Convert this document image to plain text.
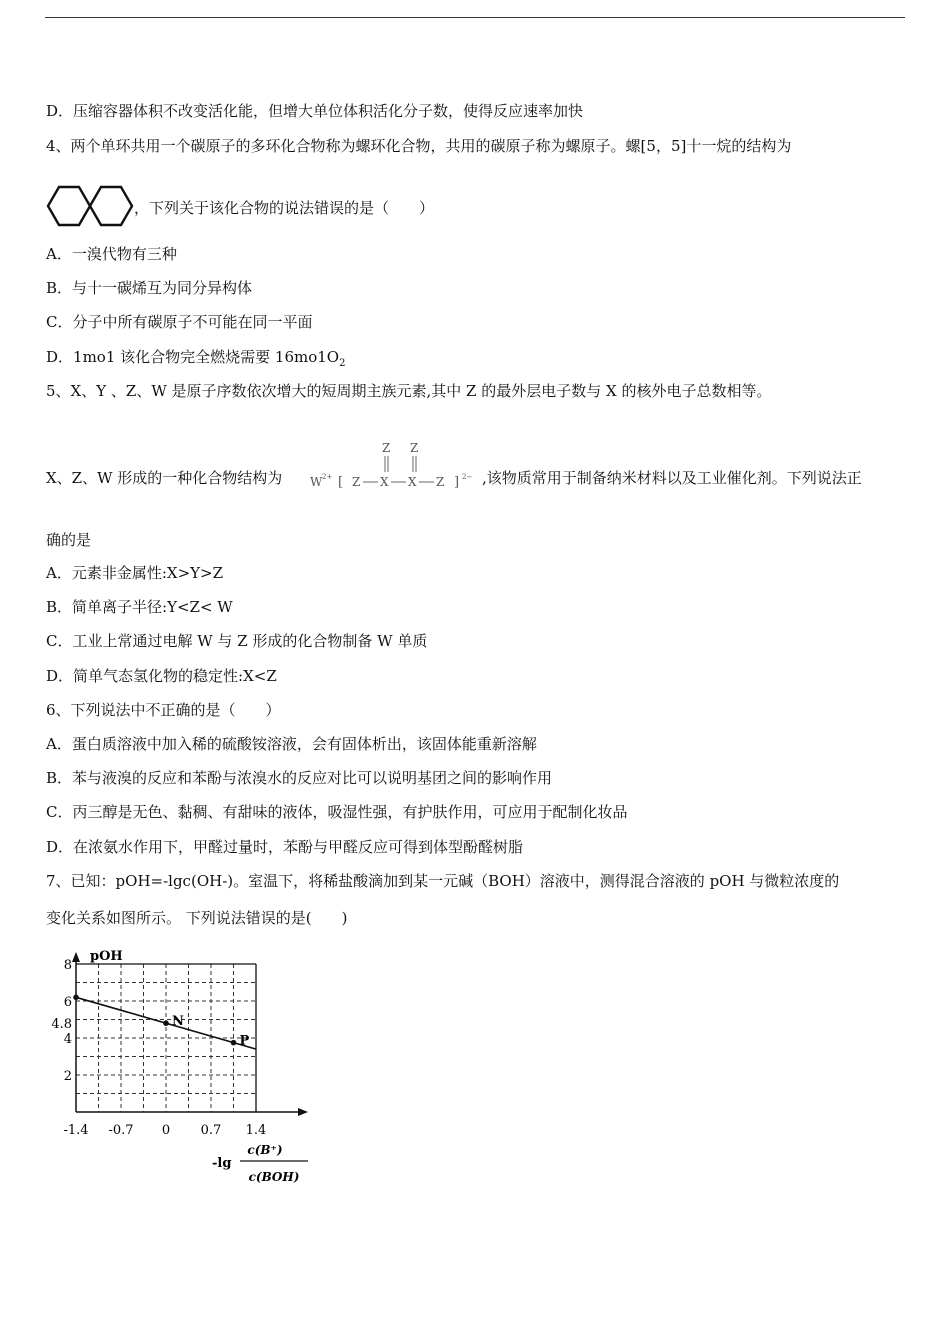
D．压缩容器体积不改变活化能，但增大单位体积活化分子数，使得反应速率加快
4、两个单环共用一个碳原子的多环化合物称为螺环化合物，共用的碳原子称为螺原子。螺[5，5]十一烷的结构为
，下列关于该化合物的说法错误的是（　　）
A．一溴代物有三种
B．与十一碳烯互为同分异构体
C．分子中所有碳原子不可能在同一平面
D．1mo1 该化合物完全燃烧需要 $16mo1O_2$
5、X、Y 、Z、W 是原子序数依次增大的短周期主族元素,其中 Z 的最外层电子数与 X 的核外电子总数相等。
X、Z、W 形成的一种化合物结构为 W 2+ [ Z X X Z
Z Z
] 2− ,该物质常用于制备纳米材料以及工业催化剂。下列说法正
确的是
A．元素非金属性:X>Y>Z
B．简单离子半径:Y<Z< W
C．工业上常通过电解 W 与 Z 形成的化合物制备 W 单质
D．简单气态氢化物的稳定性:X<Z
6、下列说法中不正确的是（　　）
A．蛋白质溶液中加入稀的硫酸铵溶液，会有固体析出，该固体能重新溶解
B．苯与液溴的反应和苯酚与浓溴水的反应对比可以说明基团之间的影响作用
C．丙三醇是无色、黏稠、有甜味的液体，吸湿性强，有护肤作用，可应用于配制化妆品
D．在浓氨水作用下，甲醛过量时，苯酚与甲醛反应可得到体型酚醛树脂
7、已知：pOH=-lgc(OH-)。室温下，将稀盐酸滴加到某一元碱（BOH）溶液中，测得混合溶液的 pOH 与微粒浓度的
变化关系如图所示。 下列说法错误的是(　　)
-1.4 -0.7 0 0.7 1.4
8
6
4.8
4
2
N
P
pOH
-lg
c(B⁺)
c(BOH)
